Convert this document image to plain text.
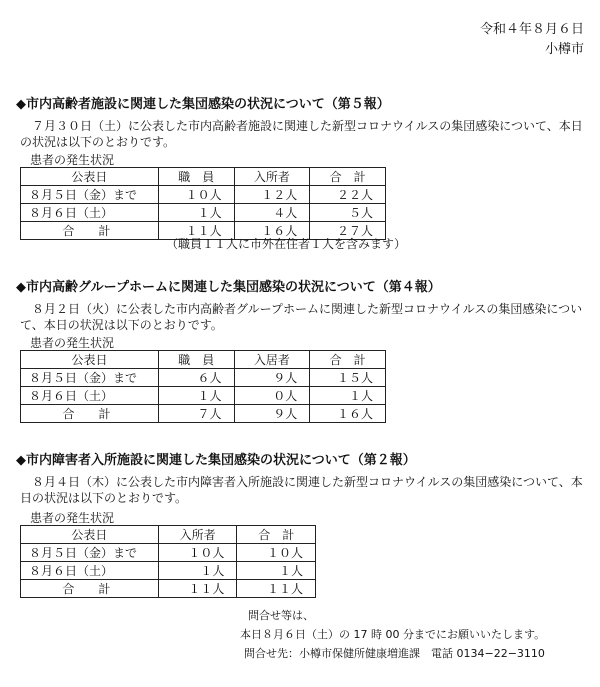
令和４年８月６日
小樽市
◆市内高齢者施設に関連した集団感染の状況について（第５報）

７月３０日（土）に公表した市内高齢者施設に関連した新型コロナウイルスの集団感染について、本日の状況は以下のとおりです。

患者の発生状況
公表日	職　員	入所者	合　計
８月５日（金）まで	１０人	１２人	２２人
８月６日（土）	１人	４人	５人
合　　計	１１人	１６人	２７人
（職員１１人に市外在住者１人を含みます）
◆市内高齢グループホームに関連した集団感染の状況について（第４報）

８月２日（火）に公表した市内高齢者グループホームに関連した新型コロナウイルスの集団感染について、本日の状況は以下のとおりです。

患者の発生状況
公表日	職　員	入居者	合　計
８月５日（金）まで	６人	９人	１５人
８月６日（土）	１人	０人	１人
合　　計	７人	９人	１６人
◆市内障害者入所施設に関連した集団感染の状況について（第２報）

８月４日（木）に公表した市内障害者入所施設に関連した新型コロナウイルスの集団感染について、本日の状況は以下のとおりです。

患者の発生状況
公表日	入所者	合　計
８月５日（金）まで	１０人	１０人
８月６日（土）	１人	１人
合　　計	１１人	１１人
問合せ等は、
本日８月６日（土）の 17 時 00 分までにお願いいたします。
問合せ先：小樽市保健所健康増進課　電話 0134−22−3110
